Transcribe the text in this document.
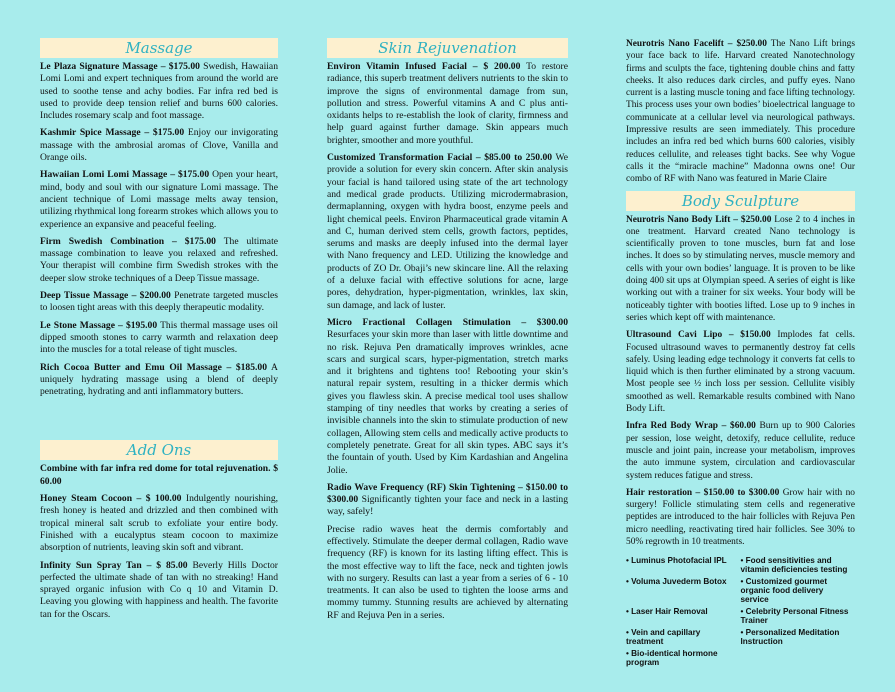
Massage

Le Plaza Signature Massage – $175.00 Swedish, Hawaiian Lomi Lomi and expert techniques from around the world are used to soothe tense and achy bodies. Far infra red bed is used to provide deep tension relief and burns 600 calories. Includes rosemary scalp and foot massage.

Kashmir Spice Massage – $175.00 Enjoy our invigorating massage with the ambrosial aromas of Clove, Vanilla and Orange oils.

Hawaiian Lomi Lomi Massage – $175.00 Open your heart, mind, body and soul with our signature Lomi massage. The ancient technique of Lomi massage melts away tension, utilizing rhythmical long forearm strokes which allows you to experience an expansive and peaceful feeling.

Firm Swedish Combination – $175.00 The ultimate massage combination to leave you relaxed and refreshed. Your therapist will combine firm Swedish strokes with the deeper slow stroke techniques of a Deep Tissue massage.

Deep Tissue Massage – $200.00 Penetrate targeted muscles to loosen tight areas with this deeply therapeutic modality.

Le Stone Massage – $195.00 This thermal massage uses oil dipped smooth stones to carry warmth and relaxation deep into the muscles for a total release of tight muscles.

Rich Cocoa Butter and Emu Oil Massage – $185.00 A uniquely hydrating massage using a blend of deeply penetrating, hydrating and anti inflammatory butters.

Add Ons

Combine with far infra red dome for total rejuvenation. $ 60.00

Honey Steam Cocoon – $ 100.00 Indulgently nourishing, fresh honey is heated and drizzled and then combined with tropical mineral salt scrub to exfoliate your entire body. Finished with a eucalyptus steam cocoon to maximize absorption of nutrients, leaving skin soft and vibrant.

Infinity Sun Spray Tan – $ 85.00 Beverly Hills Doctor perfected the ultimate shade of tan with no streaking! Hand sprayed organic infusion with Co q 10 and Vitamin D. Leaving you glowing with happiness and health. The favorite tan for the Oscars.

Skin Rejuvenation

Environ Vitamin Infused Facial – $ 200.00 To restore radiance, this superb treatment delivers nutrients to the skin to improve the signs of environmental damage from sun, pollution and stress. Powerful vitamins A and C plus anti-oxidants helps to re-establish the look of clarity, firmness and help guard against further damage. Skin appears much brighter, smoother and more youthful.

Customized Transformation Facial – $85.00 to 250.00 We provide a solution for every skin concern. After skin analysis your facial is hand tailored using state of the art technology and medical grade products. Utilizing microdermabrasion, dermaplanning, oxygen with hydra boost, enzyme peels and light chemical peels. Environ Pharmaceutical grade vitamin A and C, human derived stem cells, growth factors, peptides, serums and masks are deeply infused into the dermal layer with Nano frequency and LED. Utilizing the knowledge and products of ZO Dr. Obaji’s new skincare line. All the relaxing of a deluxe facial with effective solutions for acne, large pores, dehydration, hyper-pigmentation, wrinkles, lax skin, sun damage, and lack of luster.

Micro Fractional Collagen Stimulation – $300.00 Resurfaces your skin more than laser with little downtime and no risk. Rejuva Pen dramatically improves wrinkles, acne scars and surgical scars, hyper-pigmentation, stretch marks and it brightens and tightens too! Rebooting your skin’s natural repair system, resulting in a thicker dermis which gives you flawless skin. A precise medical tool uses shallow stamping of tiny needles that works by creating a series of invisible channels into the skin to stimulate production of new collagen, Allowing stem cells and medically active products to completely penetrate. Great for all skin types. ABC says it’s the fountain of youth. Used by Kim Kardashian and Angelina Jolie.

Radio Wave Frequency (RF) Skin Tightening – $150.00 to $300.00 Significantly tighten your face and neck in a lasting way, safely!

Precise radio waves heat the dermis comfortably and effectively. Stimulate the deeper dermal collagen, Radio wave frequency (RF) is known for its lasting lifting effect. This is the most effective way to lift the face, neck and tighten jowls with no surgery. Results can last a year from a series of 6 - 10 treatments. It can also be used to tighten the loose arms and mommy tummy. Stunning results are achieved by alternating RF and Rejuva Pen in a series.

Neurotris Nano Facelift – $250.00 The Nano Lift brings your face back to life. Harvard created Nanotechnology firms and sculpts the face, tightening double chins and fatty cheeks. It also reduces dark circles, and puffy eyes. Nano current is a lasting muscle toning and face lifting technology. This process uses your own bodies’ bioelectrical language to communicate at a cellular level via neurological pathways. Impressive results are seen immediately. This procedure includes an infra red bed which burns 600 calories, visibly reduces cellulite, and releases tight backs. See why Vogue calls it the “miracle machine” Madonna owns one! Our combo of RF with Nano was featured in Marie Claire

Body Sculpture

Neurotris Nano Body Lift – $250.00 Lose 2 to 4 inches in one treatment. Harvard created Nano technology is scientifically proven to tone muscles, burn fat and lose inches. It does so by stimulating nerves, muscle memory and cells with your own bodies’ language. It is proven to be like doing 400 sit ups at Olympian speed. A series of eight is like working out with a trainer for six weeks. Your body will be noticeably tighter with booties lifted. Lose up to 9 inches in series which kept off with maintenance.

Ultrasound Cavi Lipo – $150.00 Implodes fat cells. Focused ultrasound waves to permanently destroy fat cells safely. Using leading edge technology it converts fat cells to liquid which is then further eliminated by a strong vacuum. Most people see ½ inch loss per session. Cellulite visibly smoothed as well. Remarkable results combined with Nano Body Lift.

Infra Red Body Wrap – $60.00 Burn up to 900 Calories per session, lose weight, detoxify, reduce cellulite, reduce muscle and joint pain, increase your metabolism, improves the auto immune system, circulation and cardiovascular system reduces fatigue and stress.

Hair restoration – $150.00 to $300.00 Grow hair with no surgery! Follicle stimulating stem cells and regenerative peptides are introduced to the hair follicles with Rejuva Pen micro needling, reactivating tired hair follicles. See 30% to 50% regrowth in 10 treatments.

• Luminus Photofacial IPL	• Food sensitivities and vitamin deficiencies testing
• Voluma Juvederm Botox	• Customized gourmet organic food delivery service
• Laser Hair Removal	• Celebrity Personal Fitness Trainer
• Vein and capillary treatment
• Personalized Meditation Instruction
• Bio-identical hormone program
